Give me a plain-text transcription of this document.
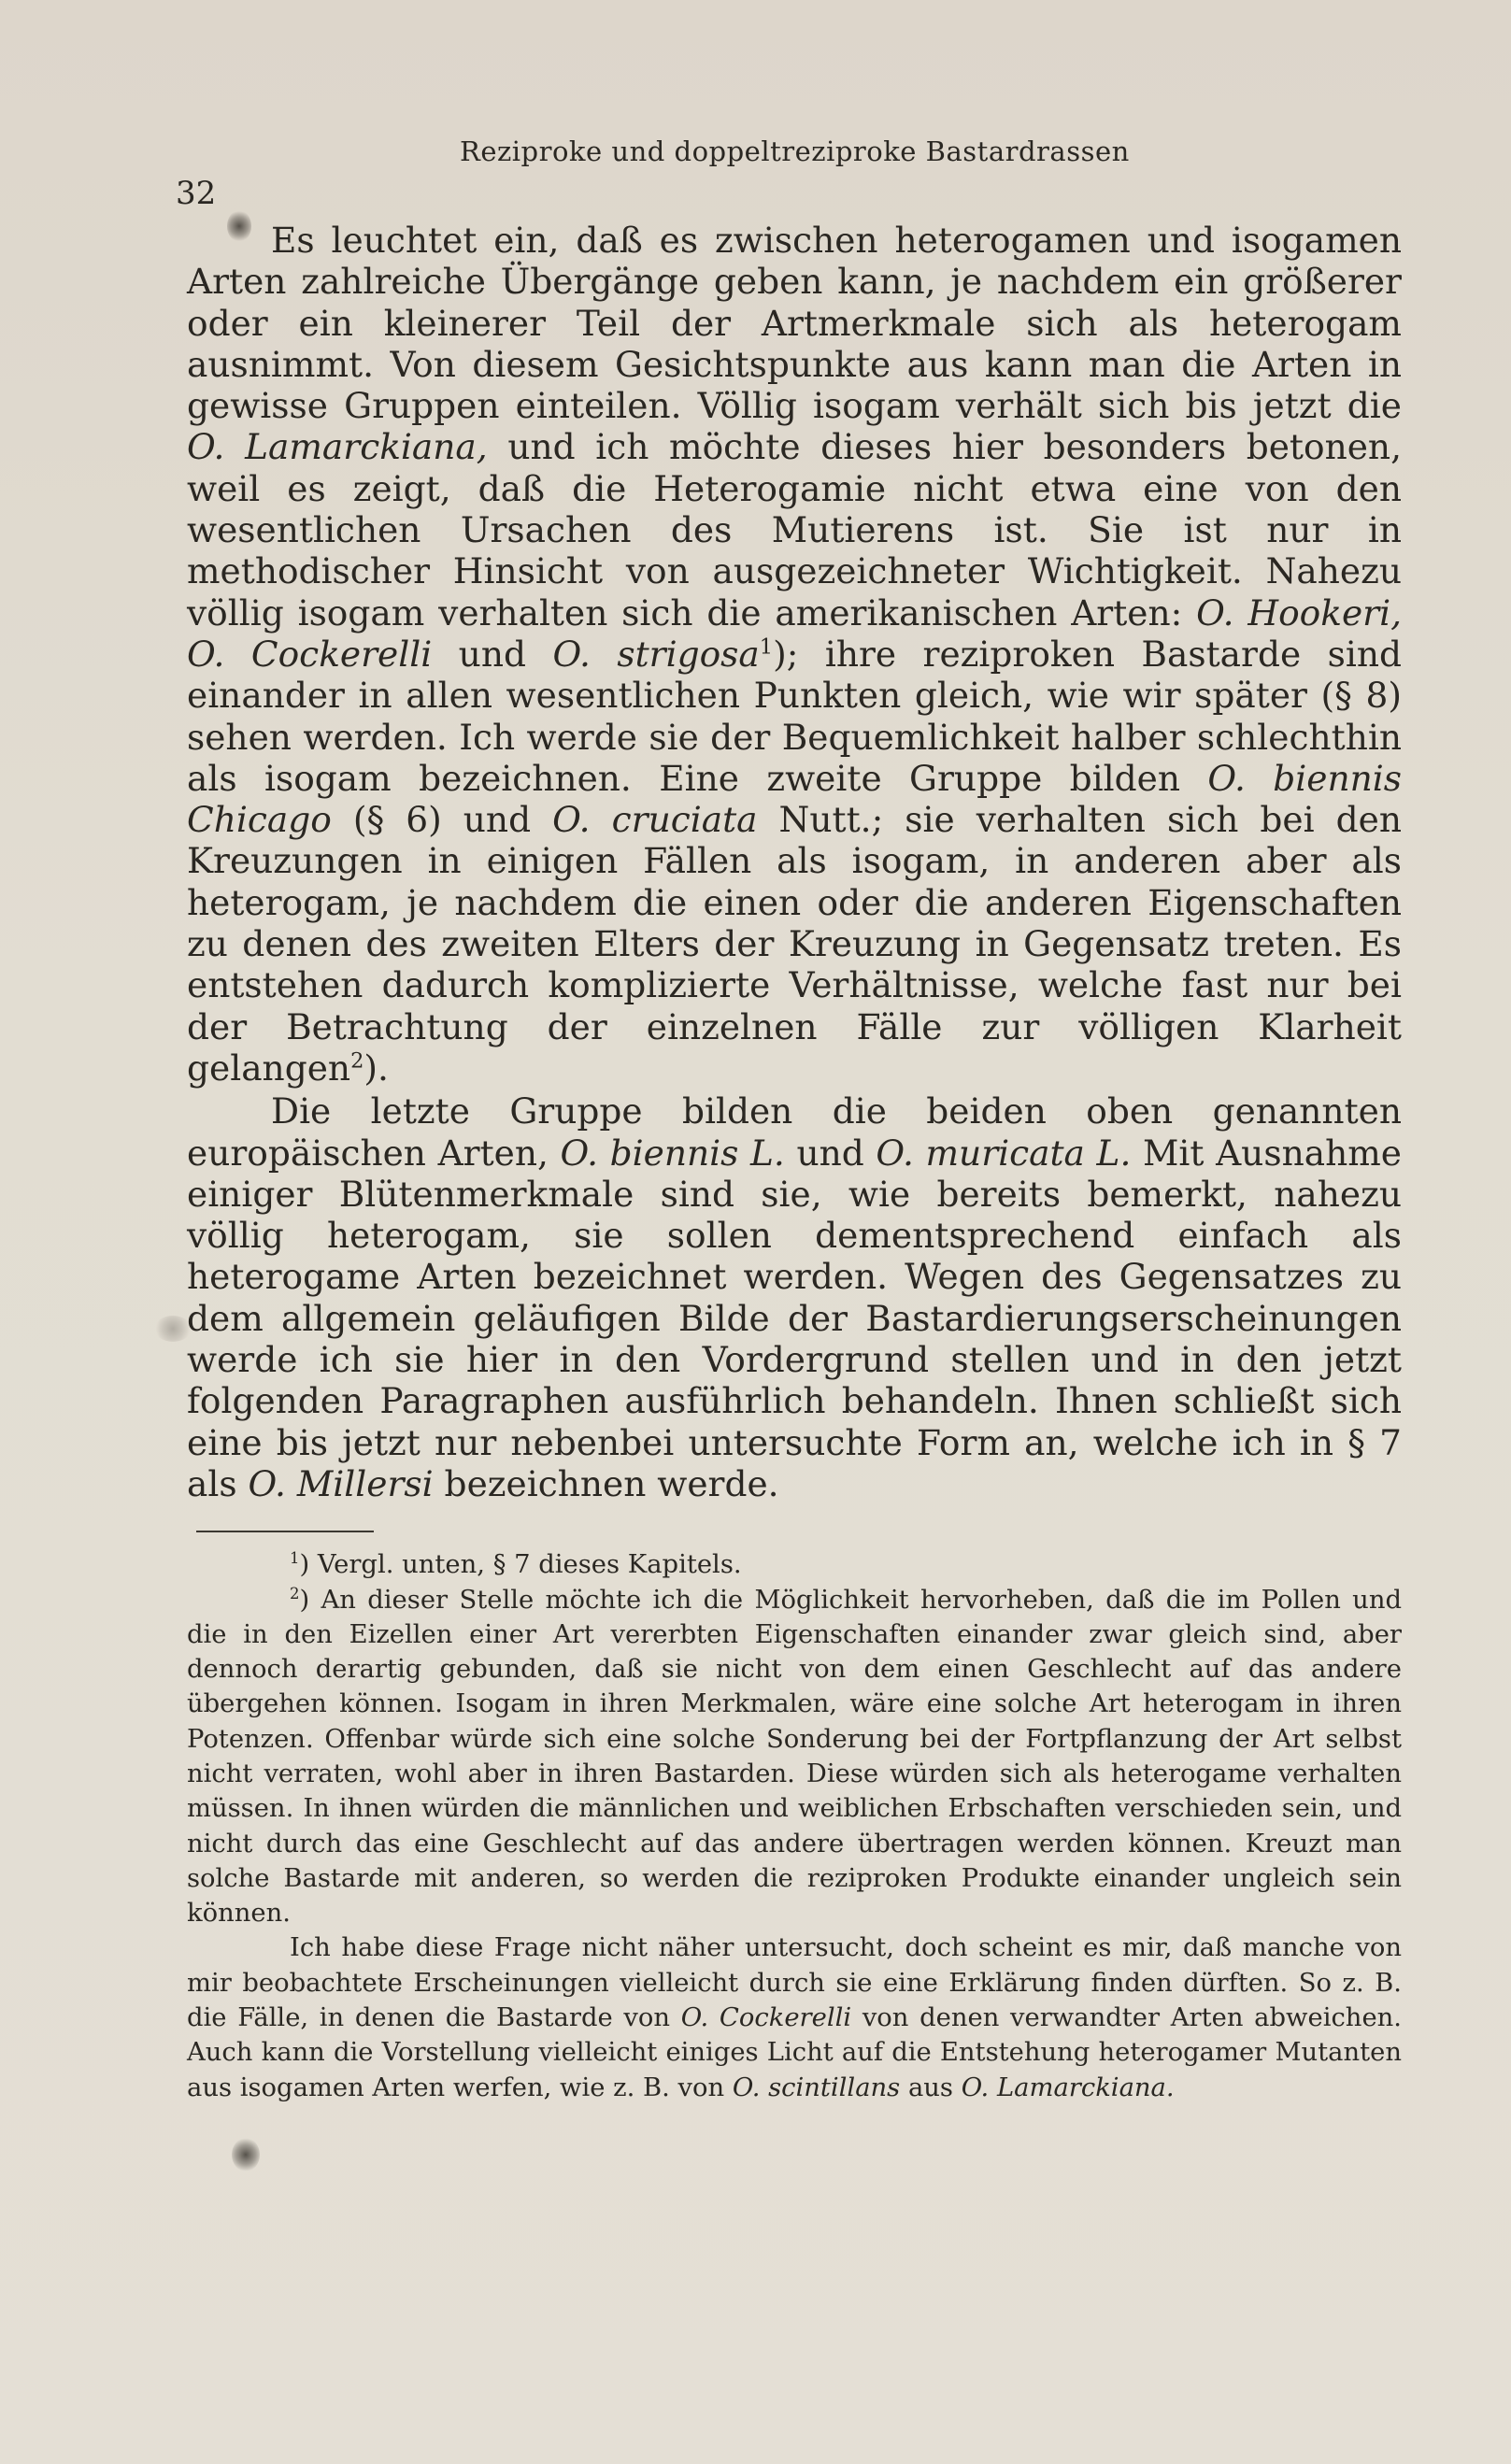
32
Reziproke und doppeltreziproke Bastardrassen

Es leuchtet ein, daß es zwischen heterogamen und isogamen Arten zahlreiche Übergänge geben kann, je nachdem ein größerer oder ein kleinerer Teil der Artmerkmale sich als heterogam ausnimmt. Von diesem Gesichtspunkte aus kann man die Arten in gewisse Gruppen einteilen. Völlig isogam verhält sich bis jetzt die O. Lamarckiana, und ich möchte dieses hier besonders betonen, weil es zeigt, daß die Heterogamie nicht etwa eine von den wesentlichen Ursachen des Mutierens ist. Sie ist nur in methodischer Hinsicht von ausgezeichneter Wichtigkeit. Nahezu völlig isogam verhalten sich die amerikanischen Arten: O. Hookeri, O. Cockerelli und O. strigosa$^1$); ihre reziproken Bastarde sind einander in allen wesentlichen Punkten gleich, wie wir später (§ 8) sehen werden. Ich werde sie der Bequemlichkeit halber schlechthin als isogam bezeichnen. Eine zweite Gruppe bilden O. biennis Chicago (§ 6) und O. cruciata Nutt.; sie verhalten sich bei den Kreuzungen in einigen Fällen als isogam, in anderen aber als heterogam, je nachdem die einen oder die anderen Eigenschaften zu denen des zweiten Elters der Kreuzung in Gegensatz treten. Es entstehen dadurch komplizierte Verhältnisse, welche fast nur bei der Betrachtung der einzelnen Fälle zur völligen Klarheit gelangen$^2$).

Die letzte Gruppe bilden die beiden oben genannten europäischen Arten, O. biennis L. und O. muricata L. Mit Ausnahme einiger Blütenmerkmale sind sie, wie bereits bemerkt, nahezu völlig heterogam, sie sollen dementsprechend einfach als heterogame Arten bezeichnet werden. Wegen des Gegensatzes zu dem allgemein geläufigen Bilde der Bastardierungserscheinungen werde ich sie hier in den Vordergrund stellen und in den jetzt folgenden Paragraphen ausführlich behandeln. Ihnen schließt sich eine bis jetzt nur nebenbei untersuchte Form an, welche ich in § 7 als O. Millersi bezeichnen werde.

$^1$) Vergl. unten, § 7 dieses Kapitels.

$^2$) An dieser Stelle möchte ich die Möglichkeit hervorheben, daß die im Pollen und die in den Eizellen einer Art vererbten Eigenschaften einander zwar gleich sind, aber dennoch derartig gebunden, daß sie nicht von dem einen Geschlecht auf das andere übergehen können. Isogam in ihren Merkmalen, wäre eine solche Art heterogam in ihren Potenzen. Offenbar würde sich eine solche Sonderung bei der Fortpflanzung der Art selbst nicht verraten, wohl aber in ihren Bastarden. Diese würden sich als heterogame verhalten müssen. In ihnen würden die männlichen und weiblichen Erbschaften verschieden sein, und nicht durch das eine Geschlecht auf das andere übertragen werden können. Kreuzt man solche Bastarde mit anderen, so werden die reziproken Produkte einander ungleich sein können.

Ich habe diese Frage nicht näher untersucht, doch scheint es mir, daß manche von mir beobachtete Erscheinungen vielleicht durch sie eine Erklärung finden dürften. So z. B. die Fälle, in denen die Bastarde von O. Cockerelli von denen verwandter Arten abweichen. Auch kann die Vorstellung vielleicht einiges Licht auf die Entstehung heterogamer Mutanten aus isogamen Arten werfen, wie z. B. von O. scintillans aus O. Lamarckiana.
